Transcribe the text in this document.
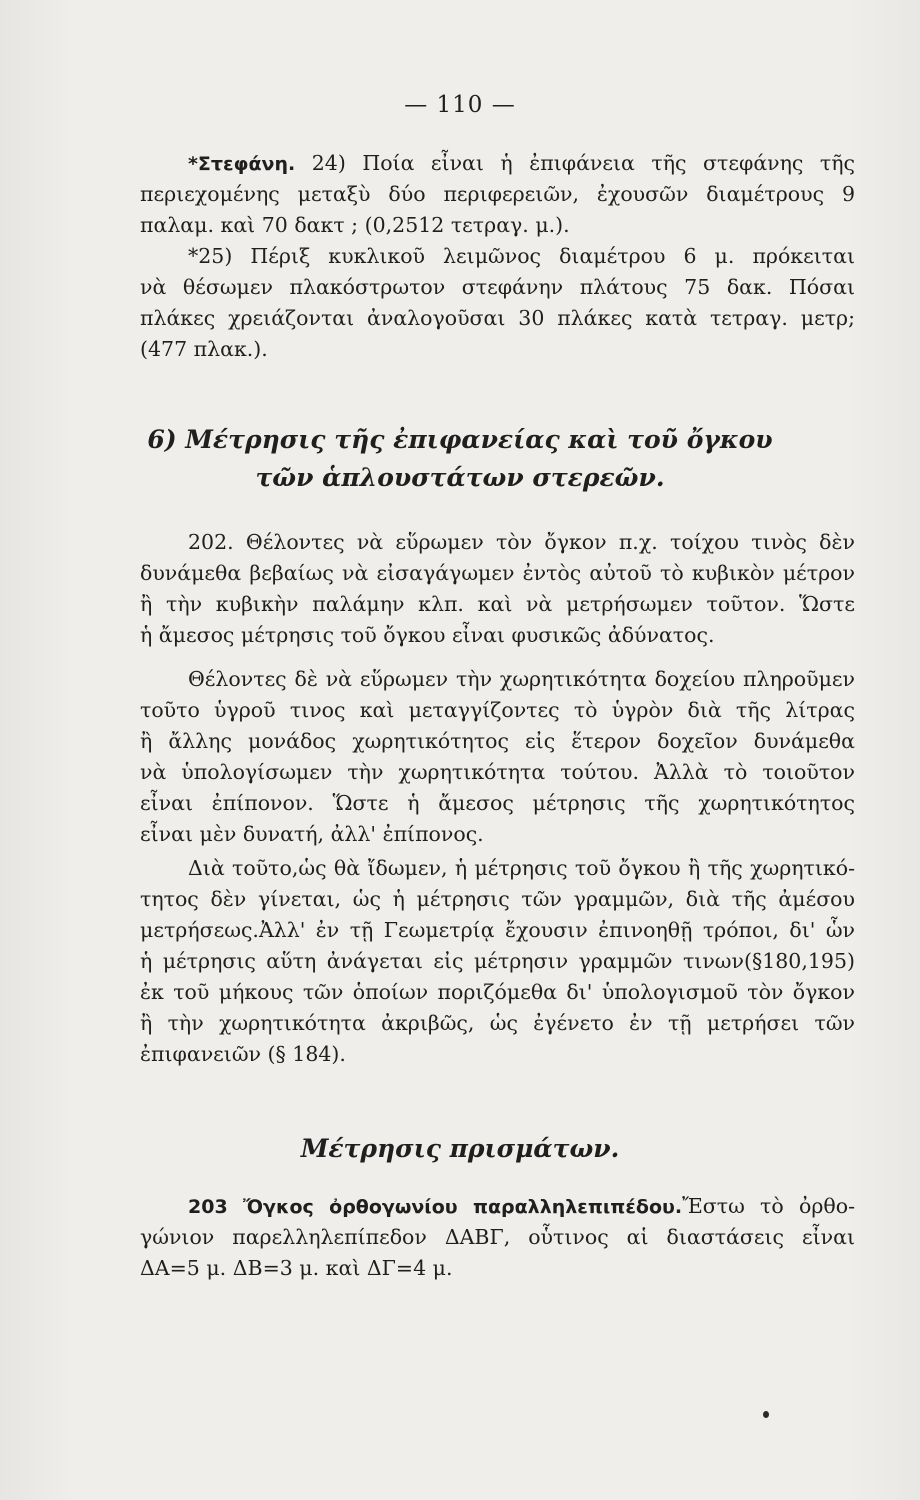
— 110 —
*Στεφάνη. 24) Ποία εἶναι ἡ ἐπιφάνεια τῆς στεφάνης τῆς
περιεχομένης μεταξὺ δύο περιφερειῶν, ἐχουσῶν διαμέτρους 9
παλαμ. καὶ 70 δακτ ; (0,2512 τετραγ. μ.).
*25) Πέριξ κυκλικοῦ λειμῶνος διαμέτρου 6 μ. πρόκειται
νὰ θέσωμεν πλακόστρωτον στεφάνην πλάτους 75 δακ. Πόσαι
πλάκες χρειάζονται ἀναλογοῦσαι 30 πλάκες κατὰ τετραγ. μετρ;
(477 πλακ.).
6) Μέτρησις τῆς ἐπιφανείας καὶ τοῦ ὄγκου
τῶν ἁπλουστάτων στερεῶν.
202. Θέλοντες νὰ εὕρωμεν τὸν ὄγκον π.χ. τοίχου τινὸς δὲν
δυνάμεθα βεβαίως νὰ εἰσαγάγωμεν ἐντὸς αὐτοῦ τὸ κυβικὸν μέτρον
ἢ τὴν κυβικὴν παλάμην κλπ. καὶ νὰ μετρήσωμεν τοῦτον. Ὥστε
ἡ ἄμεσος μέτρησις τοῦ ὄγκου εἶναι φυσικῶς ἀδύνατος.
Θέλοντες δὲ νὰ εὕρωμεν τὴν χωρητικότητα δοχείου πληροῦμεν
τοῦτο ὑγροῦ τινος καὶ μεταγγίζοντες τὸ ὑγρὸν διὰ τῆς λίτρας
ἢ ἄλλης μονάδος χωρητικότητος εἰς ἕτερον δοχεῖον δυνάμεθα
νὰ ὑπολογίσωμεν τὴν χωρητικότητα τούτου. Ἀλλὰ τὸ τοιοῦτον
εἶναι ἐπίπονον. Ὥστε ἡ ἄμεσος μέτρησις τῆς χωρητικότητος
εἶναι μὲν δυνατή, ἀλλ' ἐπίπονος.
Διὰ τοῦτο,ὡς θὰ ἴδωμεν, ἡ μέτρησις τοῦ ὄγκου ἢ τῆς χωρητικό-
τητος δὲν γίνεται, ὡς ἡ μέτρησις τῶν γραμμῶν, διὰ τῆς ἀμέσου
μετρήσεως.Ἀλλ' ἐν τῇ Γεωμετρίᾳ ἔχουσιν ἐπινοηθῇ τρόποι, δι' ὧν
ἡ μέτρησις αὕτη ἀνάγεται εἰς μέτρησιν γραμμῶν τινων(§180,195)
ἐκ τοῦ μήκους τῶν ὁποίων ποριζόμεθα δι' ὑπολογισμοῦ τὸν ὄγκον
ἢ τὴν χωρητικότητα ἀκριβῶς, ὡς ἐγένετο ἐν τῇ μετρήσει τῶν
ἐπιφανειῶν (§ 184).
Μέτρησις πρισμάτων.
203 Ὄγκος ὀρθογωνίου παραλληλεπιπέδου.Ἔστω τὸ ὀρθο-
γώνιον παρελληλεπίπεδον ΔΑΒΓ, οὗτινος αἱ διαστάσεις εἶναι
ΔΑ=5 μ. ΔΒ=3 μ. καὶ ΔΓ=4 μ.
